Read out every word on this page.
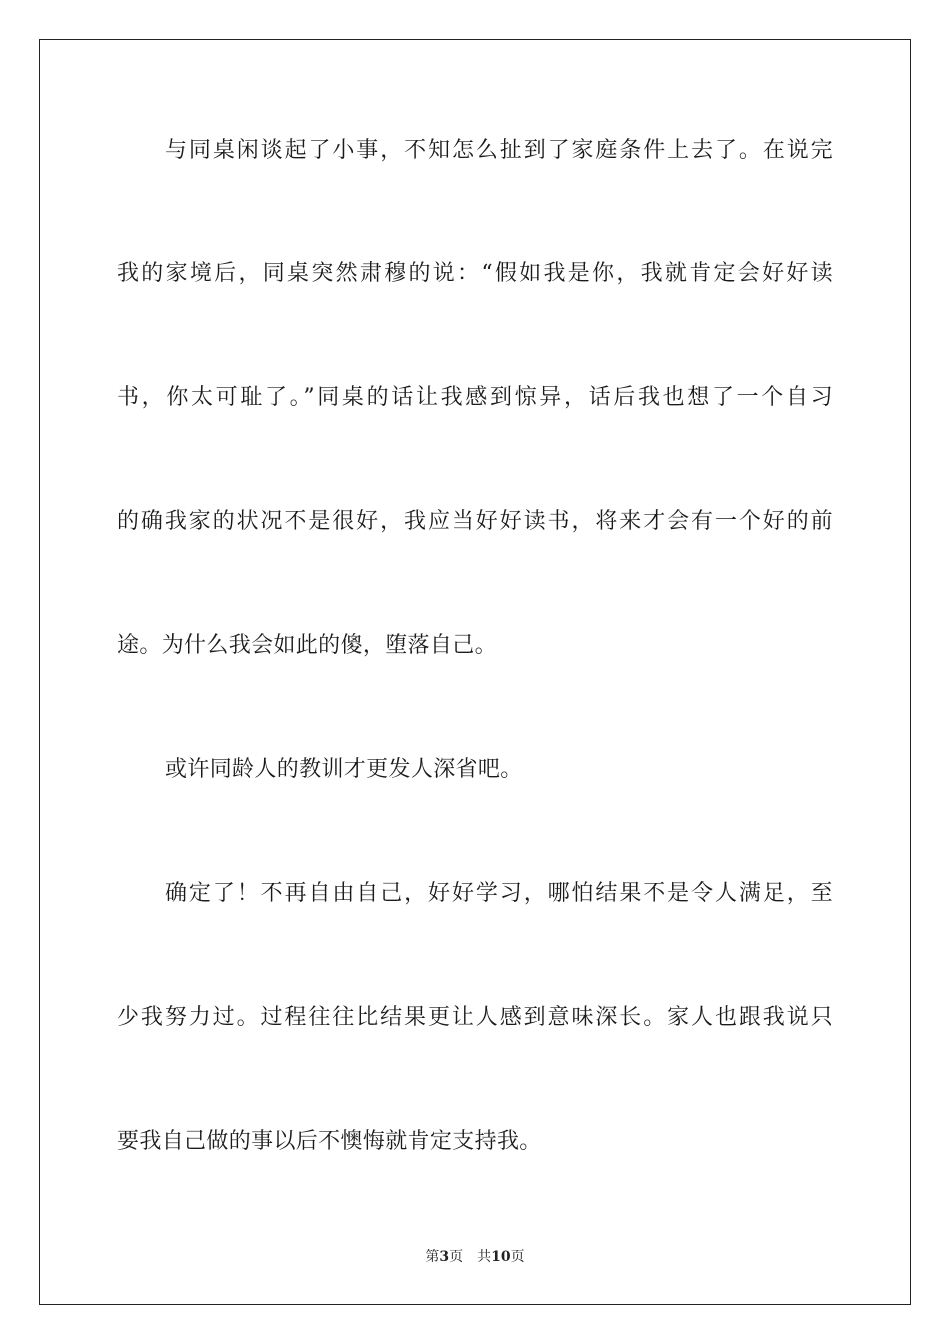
与同桌闲谈起了小事，不知怎么扯到了家庭条件上去了。在说完
我的家境后，同桌突然肃穆的说：“假如我是你，我就肯定会好好读
书，你太可耻了。”同桌的话让我感到惊异，话后我也想了一个自习
的确我家的状况不是很好，我应当好好读书，将来才会有一个好的前
途。为什么我会如此的傻，堕落自己。
或许同龄人的教训才更发人深省吧。
确定了！不再自由自己，好好学习，哪怕结果不是令人满足，至
少我努力过。过程往往比结果更让人感到意味深长。家人也跟我说只
要我自己做的事以后不懊悔就肯定支持我。
第3页 共10页
